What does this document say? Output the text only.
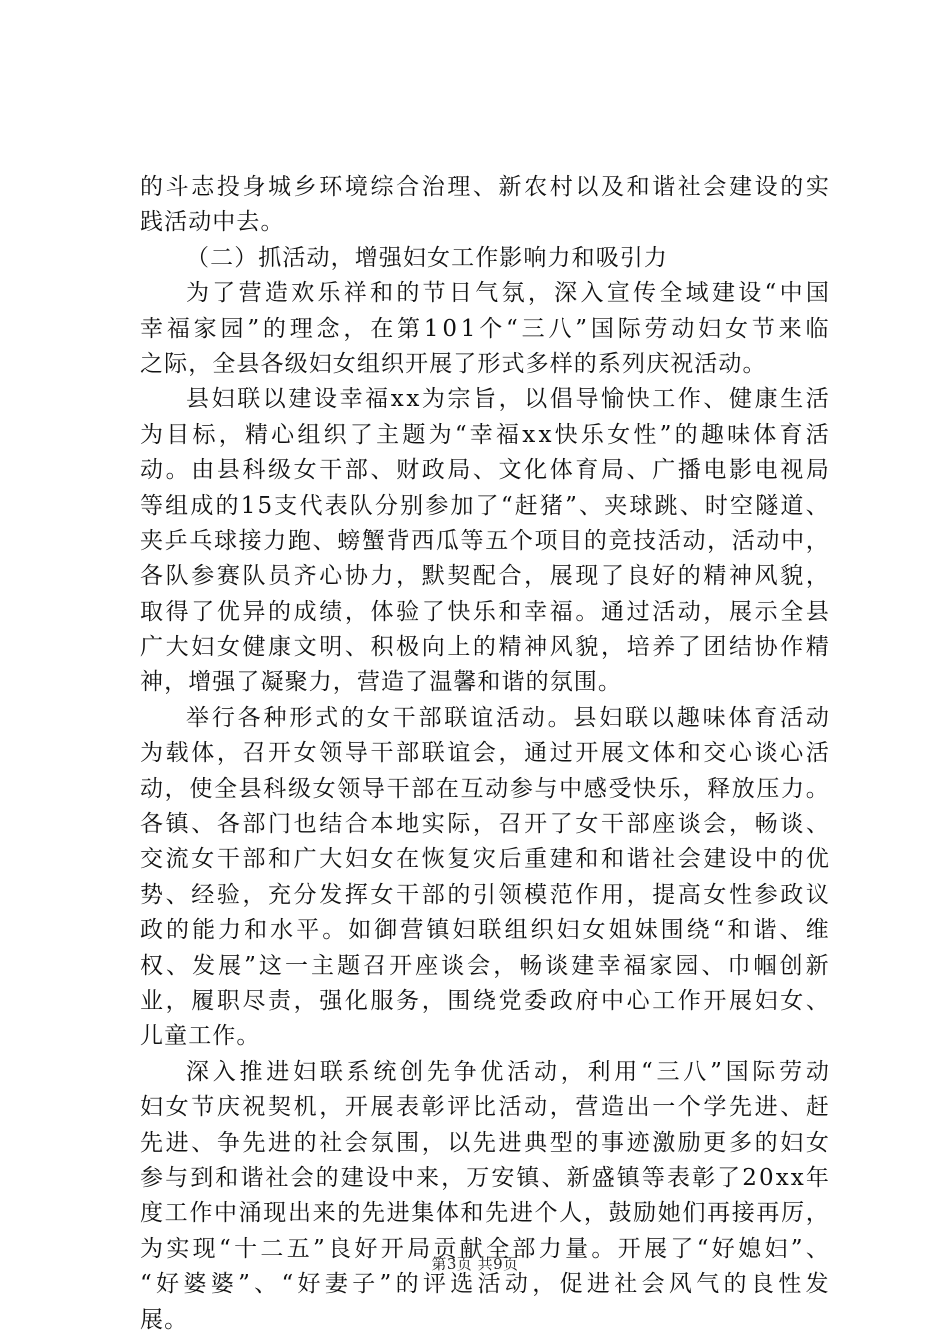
的 斗 志 投 身 城 乡 环 境 综 合 治 理 、 新 农 村 以 及 和 谐 社 会 建 设 的 实
践活动中去。
（二）抓活动，增强妇女工作影响力和吸引力
为 了 营 造 欢 乐 祥 和 的 节 日 气 氛 ， 深 入 宣 传 全 域 建 设 “ 中 国
幸 福 家 园 ” 的 理 念 ， 在 第 1 0 1 个 “ 三 八 ” 国 际 劳 动 妇 女 节 来 临
之际，全县各级妇女组织开展了形式多样的系列庆祝活动。
县 妇 联 以 建 设 幸 福 x x 为 宗 旨 ， 以 倡 导 愉 快 工 作 、 健 康 生 活
为 目 标 ， 精 心 组 织 了 主 题 为 “ 幸 福 x x 快 乐 女 性 ” 的 趣 味 体 育 活
动 。 由 县 科 级 女 干 部 、 财 政 局 、 文 化 体 育 局 、 广 播 电 影 电 视 局
等 组 成 的 1 5 支 代 表 队 分 别 参 加 了 “ 赶 猪 ” 、 夹 球 跳 、 时 空 隧 道 、
夹 乒 乓 球 接 力 跑 、 螃 蟹 背 西 瓜 等 五 个 项 目 的 竞 技 活 动 ， 活 动 中 ，
各 队 参 赛 队 员 齐 心 协 力 ， 默 契 配 合 ， 展 现 了 良 好 的 精 神 风 貌 ，
取 得 了 优 异 的 成 绩 ， 体 验 了 快 乐 和 幸 福 。 通 过 活 动 ， 展 示 全 县
广 大 妇 女 健 康 文 明 、 积 极 向 上 的 精 神 风 貌 ， 培 养 了 团 结 协 作 精
神，增强了凝聚力，营造了温馨和谐的氛围。
举 行 各 种 形 式 的 女 干 部 联 谊 活 动 。 县 妇 联 以 趣 味 体 育 活 动
为 载 体 ， 召 开 女 领 导 干 部 联 谊 会 ， 通 过 开 展 文 体 和 交 心 谈 心 活
动 ， 使 全 县 科 级 女 领 导 干 部 在 互 动 参 与 中 感 受 快 乐 ， 释 放 压 力 。
各 镇 、 各 部 门 也 结 合 本 地 实 际 ， 召 开 了 女 干 部 座 谈 会 ， 畅 谈 、
交 流 女 干 部 和 广 大 妇 女 在 恢 复 灾 后 重 建 和 和 谐 社 会 建 设 中 的 优
势 、 经 验 ， 充 分 发 挥 女 干 部 的 引 领 模 范 作 用 ， 提 高 女 性 参 政 议
政 的 能 力 和 水 平 。 如 御 营 镇 妇 联 组 织 妇 女 姐 妹 围 绕 “ 和 谐 、 维
权 、 发 展 ” 这 一 主 题 召 开 座 谈 会 ， 畅 谈 建 幸 福 家 园 、 巾 帼 创 新
业 ， 履 职 尽 责 ， 强 化 服 务 ， 围 绕 党 委 政 府 中 心 工 作 开 展 妇 女 、
儿童工作。
深 入 推 进 妇 联 系 统 创 先 争 优 活 动 ， 利 用 “ 三 八 ” 国 际 劳 动
妇 女 节 庆 祝 契 机 ， 开 展 表 彰 评 比 活 动 ， 营 造 出 一 个 学 先 进 、 赶
先 进 、 争 先 进 的 社 会 氛 围 ， 以 先 进 典 型 的 事 迹 激 励 更 多 的 妇 女
参 与 到 和 谐 社 会 的 建 设 中 来 ， 万 安 镇 、 新 盛 镇 等 表 彰 了 2 0 x x 年
度 工 作 中 涌 现 出 来 的 先 进 集 体 和 先 进 个 人 ， 鼓 励 她 们 再 接 再 厉 ，
为 实 现 “ 十 二 五 ” 良 好 开 局 贡 献 全 部 力 量 。 开 展 了 “ 好 媳 妇 ” 、
“ 好 婆 婆 ” 、 “ 好 妻 子 ” 的 评 选 活 动 ， 促 进 社 会 风 气 的 良 性 发
展。
第3页 共9页
